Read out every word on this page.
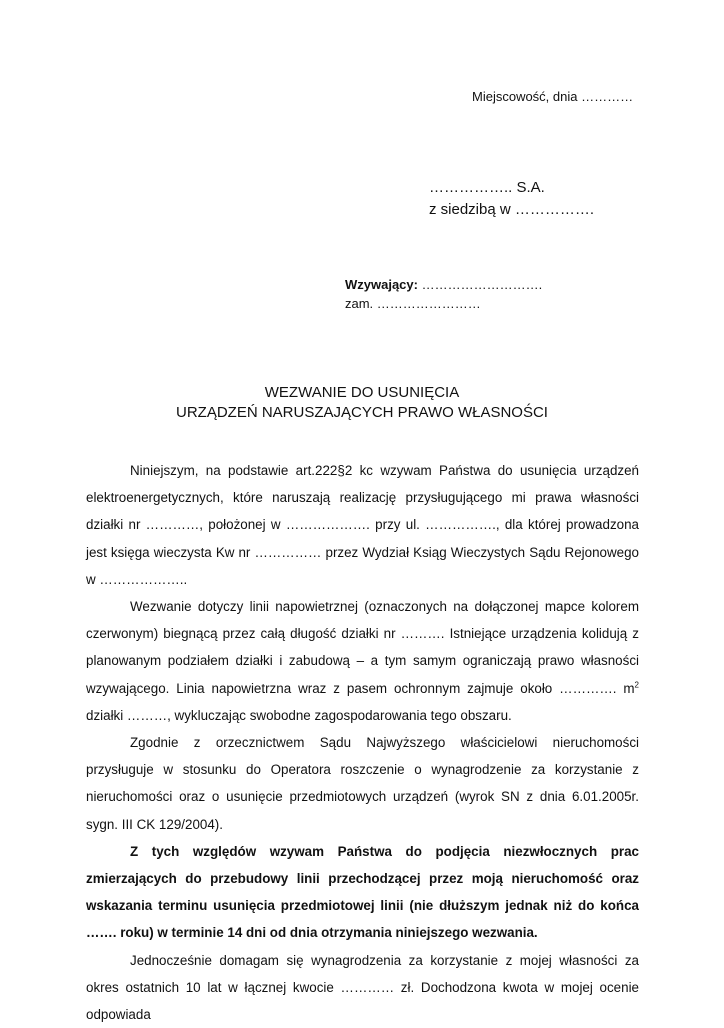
Miejscowość, dnia …………
…………….. S.A.
z siedzibą w …………….
Wzywający: ……………………….
zam. ……………………
WEZWANIE DO USUNIĘCIA
URZĄDZEŃ NARUSZAJĄCYCH PRAWO WŁASNOŚCI

Niniejszym, na podstawie art.222§2 kc wzywam Państwa do usunięcia urządzeń elektroenergetycznych, które naruszają realizację przysługującego mi prawa własności działki nr …………, położonej w ………………. przy ul. ……………., dla której prowadzona jest księga wieczysta Kw nr …………… przez Wydział Ksiąg Wieczystych Sądu Rejonowego w ………………..

Wezwanie dotyczy linii napowietrznej (oznaczonych na dołączonej mapce kolorem czerwonym) biegnącą przez całą długość działki nr ………. Istniejące urządzenia kolidują z planowanym podziałem działki i zabudową – a tym samym ograniczają prawo własności wzywającego. Linia napowietrzna wraz z pasem ochronnym zajmuje około …………. $m^2$ działki ………, wykluczając swobodne zagospodarowania tego obszaru.

Zgodnie z orzecznictwem Sądu Najwyższego właścicielowi nieruchomości przysługuje w stosunku do Operatora roszczenie o wynagrodzenie za korzystanie z nieruchomości oraz o usunięcie przedmiotowych urządzeń (wyrok SN z dnia 6.01.2005r. sygn. III CK 129/2004).

Z tych względów wzywam Państwa do podjęcia niezwłocznych prac zmierzających do przebudowy linii przechodzącej przez moją nieruchomość oraz wskazania terminu usunięcia przedmiotowej linii (nie dłuższym jednak niż do końca ……. roku) w terminie 14 dni od dnia otrzymania niniejszego wezwania.

Jednocześnie domagam się wynagrodzenia za korzystanie z mojej własności za okres ostatnich 10 lat w łącznej kwocie ………… zł. Dochodzona kwota w mojej ocenie odpowiada
